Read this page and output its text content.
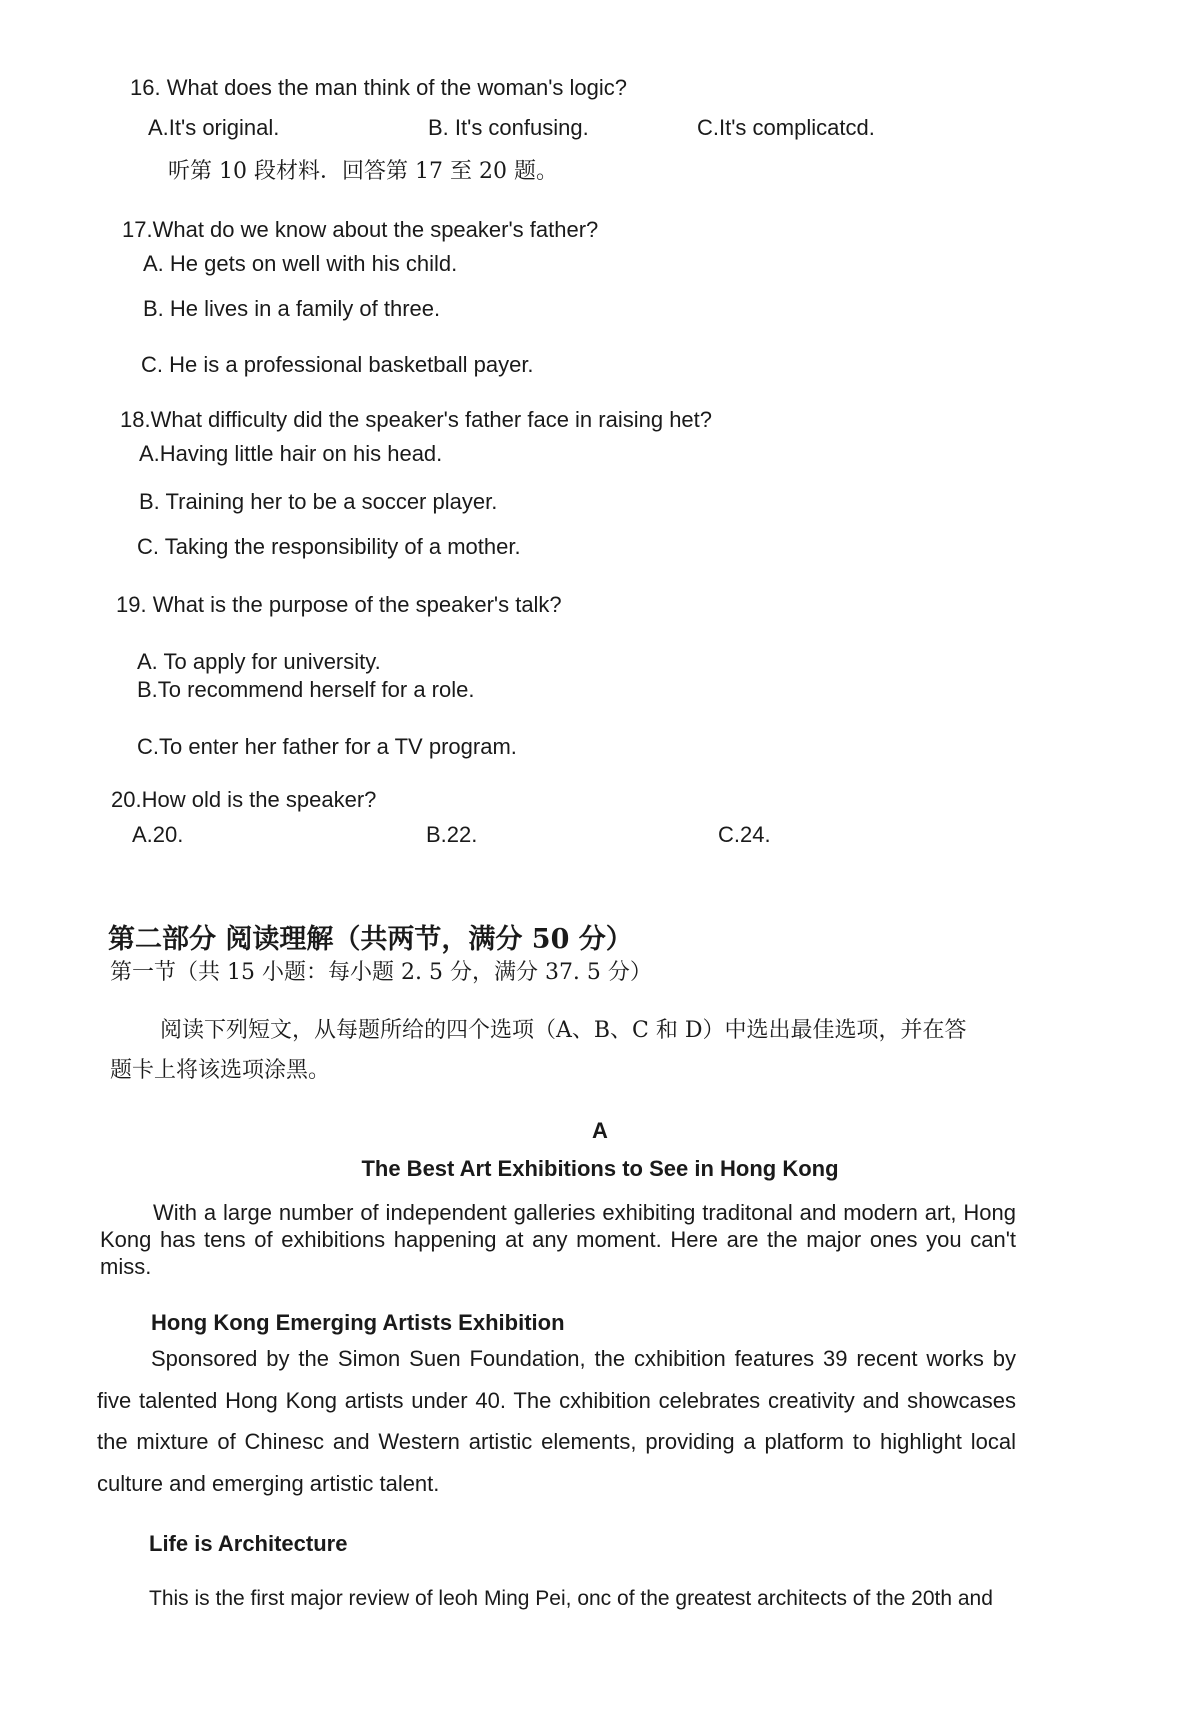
16. What does the man think of the woman's logic?
A.It's original.	B. It's confusing.	C.It's complicatcd.
听第 10 段材料．回答第 17 至 20 题。
17.What do we know about the speaker's father?
A. He gets on well with his child.
B. He lives in a family of three.
C. He is a professional basketball payer.
18.What difficulty did the speaker's father face in raising het?
A.Having little hair on his head.
B. Training her to be a soccer player.
C. Taking the responsibility of a mother.
19. What is the purpose of the speaker's talk?
A. To apply for university.
B.To recommend herself for a role.
C.To enter her father for a TV program.
20.How old is the speaker?
A.20.	B.22.	C.24.
第二部分 阅读理解（共两节，满分 50 分）
第一节（共 15 小题：每小题 2. 5 分，满分 37. 5 分）
阅读下列短文，从每题所给的四个选项（A、B、C 和 D）中选出最佳选项，并在答
题卡上将该选项涂黑。
A
The Best Art Exhibitions to See in Hong Kong
With a large number of independent galleries exhibiting traditonal and modern art, Hong Kong has tens of exhibitions happening at any moment. Here are the major ones you can't miss.
Hong Kong Emerging Artists Exhibition
Sponsored by the Simon Suen Foundation, the cxhibition features 39 recent works by five talented Hong Kong artists under 40. The cxhibition celebrates creativity and showcases the mixture of Chinesc and Western artistic elements, providing a platform to highlight local culture and emerging artistic talent.
Life is Architecture
This is the first major review of leoh Ming Pei, onc of the greatest architects of the 20th and
